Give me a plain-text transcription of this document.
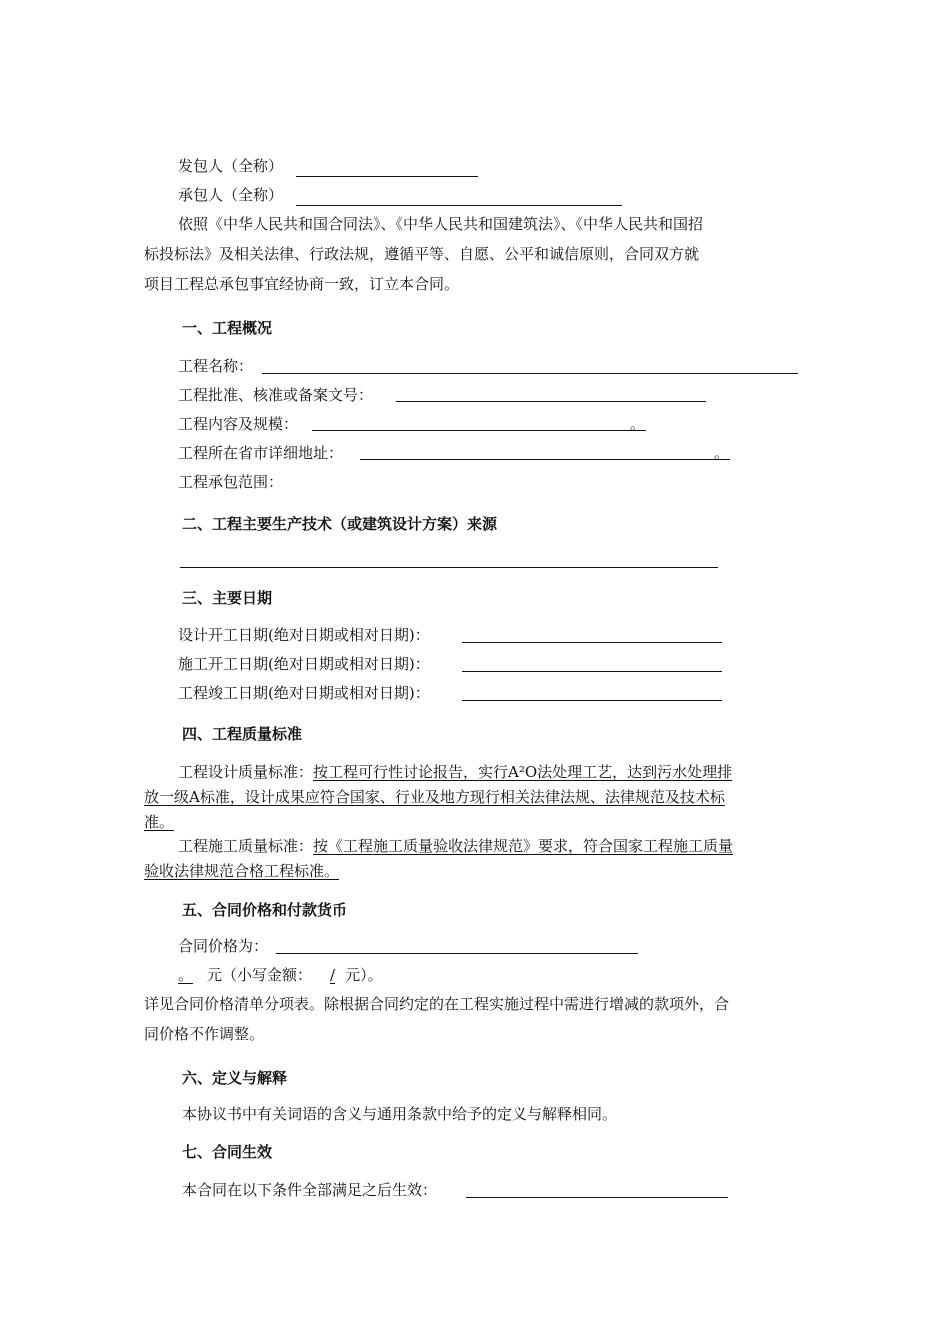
发包人（全称）
承包人（全称）
依照《中华人民共和国合同法》、《中华人民共和国建筑法》、《中华人民共和国招
标投标法》及相关法律、行政法规，遵循平等、自愿、公平和诚信原则，合同双方就
项目工程总承包事宜经协商一致，订立本合同。
一、工程概况
工程名称：
工程批准、核准或备案文号：
工程内容及规模：	。
工程所在省市详细地址：	。
工程承包范围：
二、工程主要生产技术（或建筑设计方案）来源
三、主要日期
设计开工日期(绝对日期或相对日期)：
施工开工日期(绝对日期或相对日期)：
工程竣工日期(绝对日期或相对日期)：
四、工程质量标准
工程设计质量标准：按工程可行性讨论报告，实行A²O法处理工艺，达到污水处理排
放一级A标准，设计成果应符合国家、行业及地方现行相关法律法规、法律规范及技术标
准。
工程施工质量标准：按《工程施工质量验收法律规范》要求，符合国家工程施工质量
验收法律规范合格工程标准。
五、合同价格和付款货币
合同价格为：
。 元（小写金额： / 元）。
详见合同价格清单分项表。除根据合同约定的在工程实施过程中需进行增减的款项外，合
同价格不作调整。
六、定义与解释
本协议书中有关词语的含义与通用条款中给予的定义与解释相同。
七、合同生效
本合同在以下条件全部满足之后生效：
